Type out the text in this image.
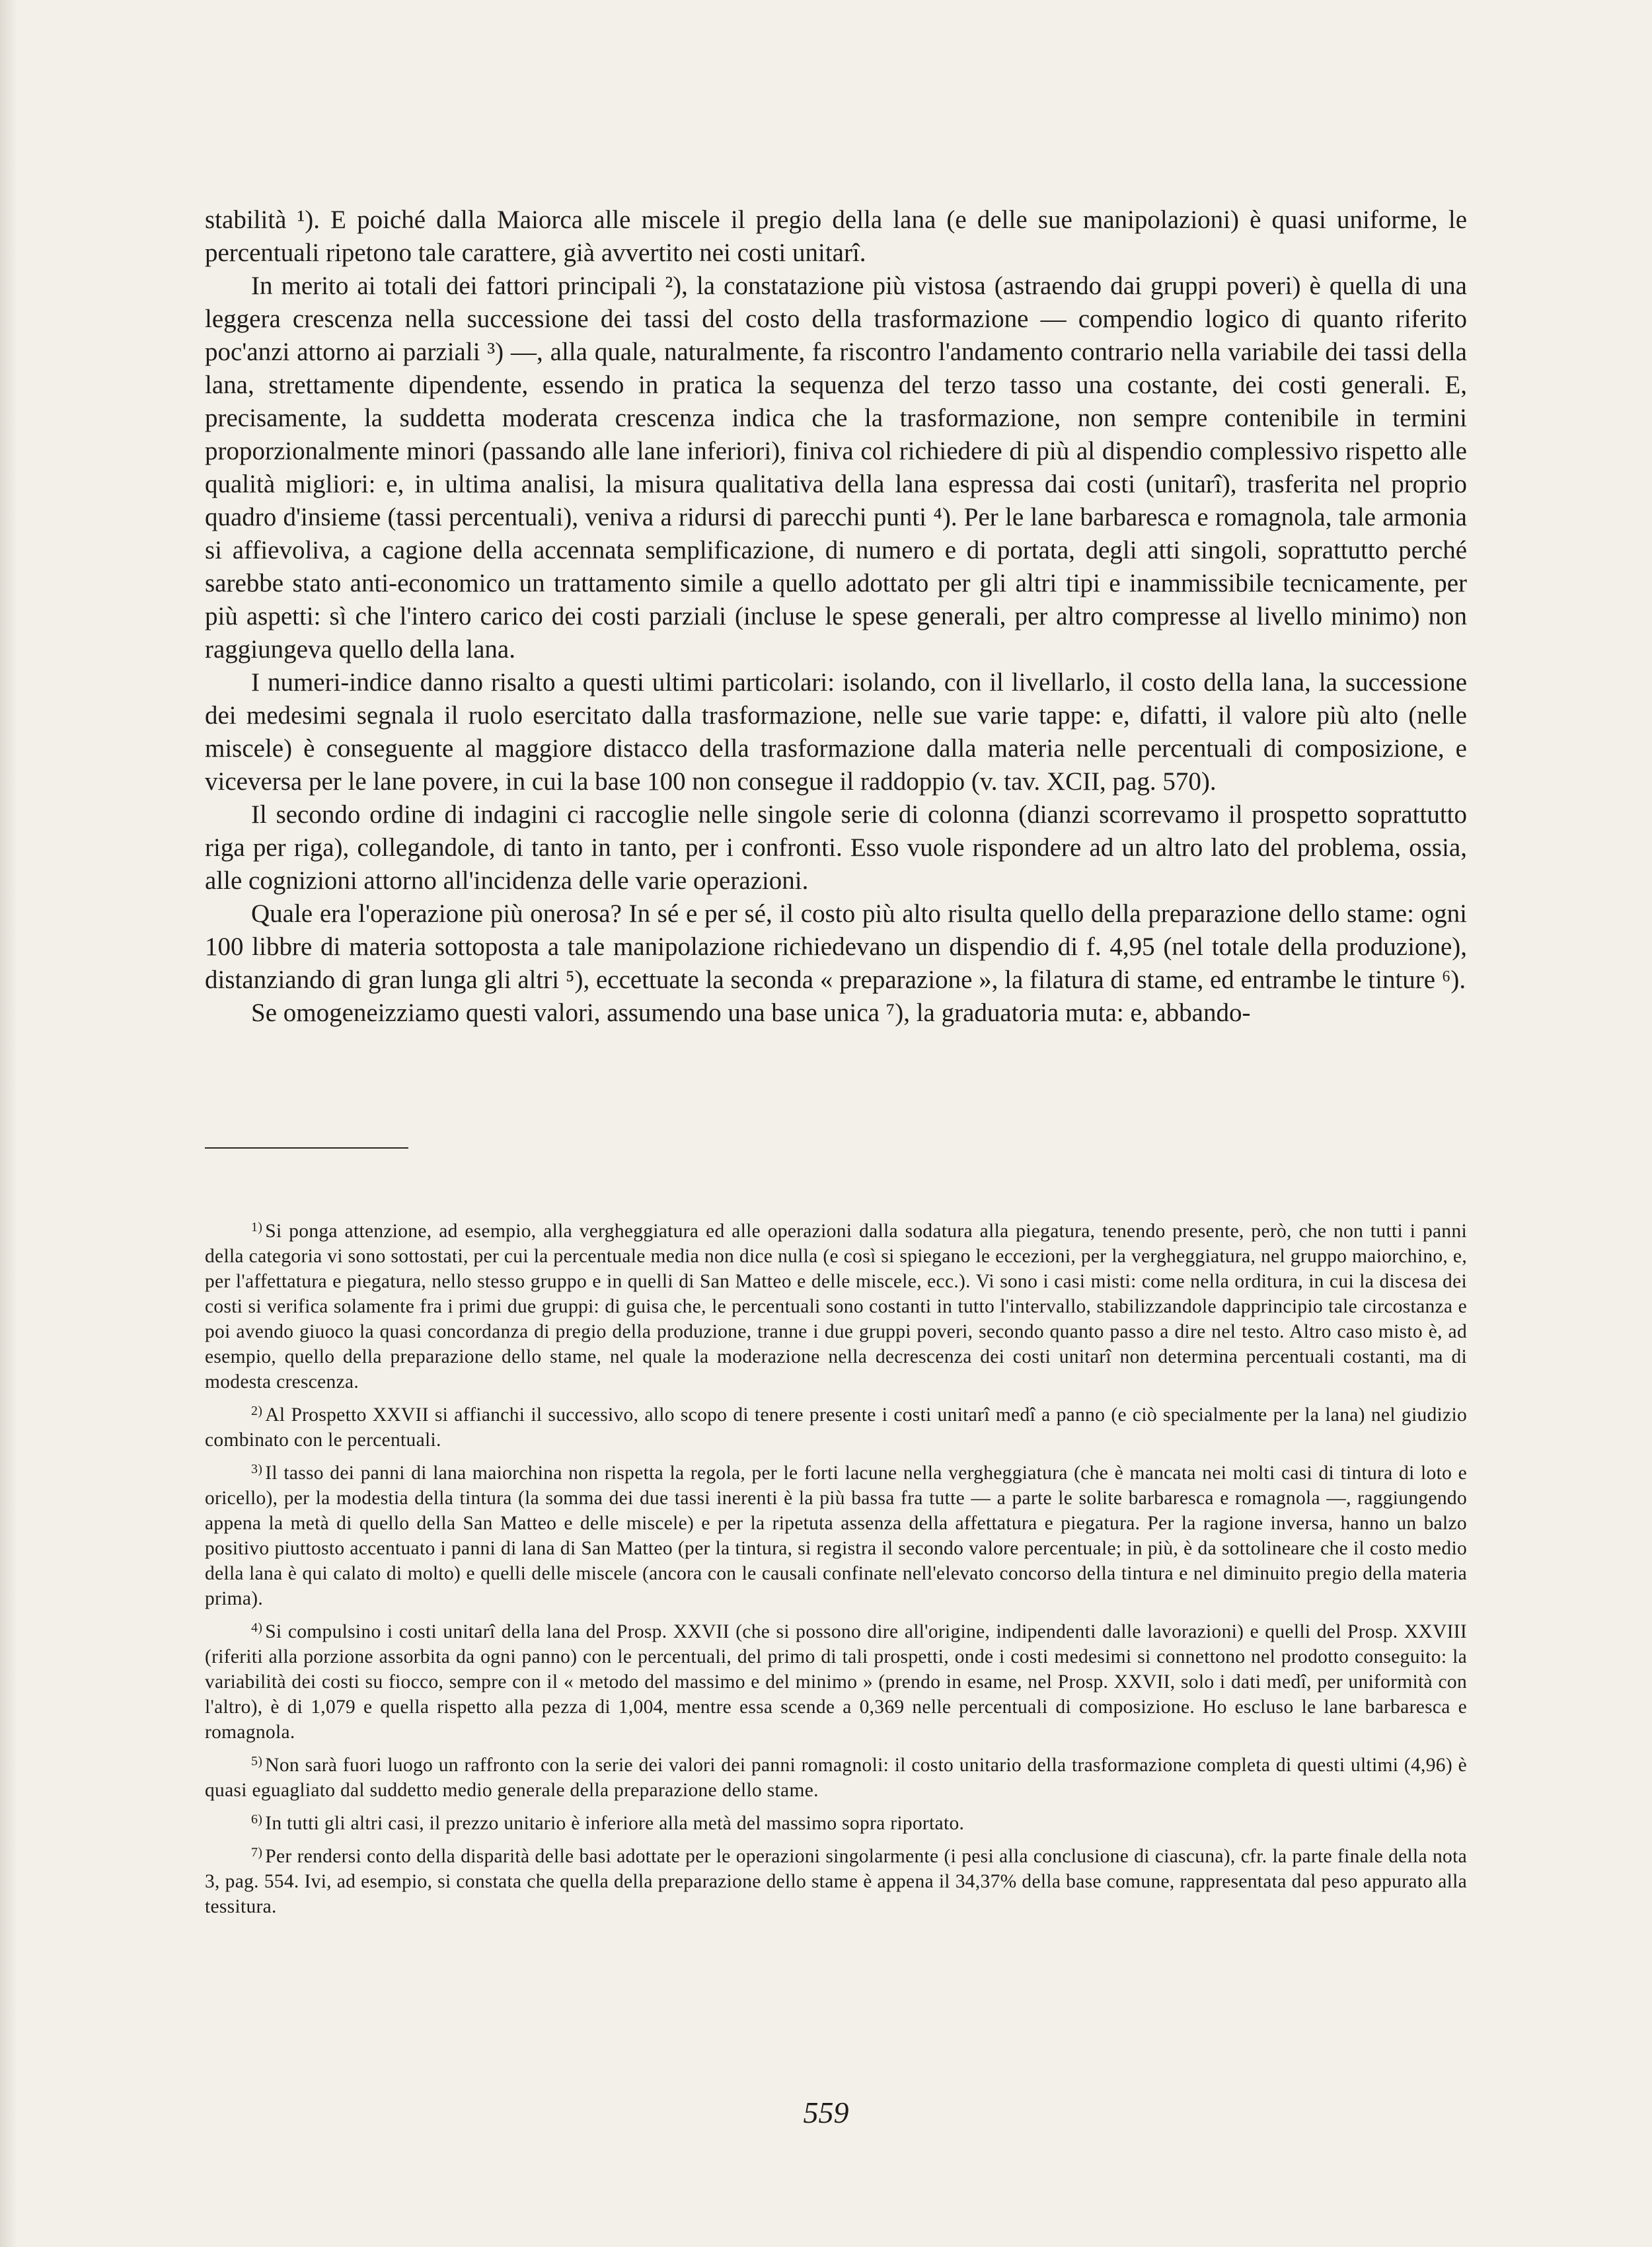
stabilità ¹). E poiché dalla Maiorca alle miscele il pregio della lana (e delle sue manipolazioni) è quasi uniforme, le percentuali ripetono tale carattere, già avvertito nei costi unitarî.

In merito ai totali dei fattori principali ²), la constatazione più vistosa (astraendo dai gruppi poveri) è quella di una leggera crescenza nella successione dei tassi del costo della trasformazione — compendio logico di quanto riferito poc'anzi attorno ai parziali ³) —, alla quale, naturalmente, fa riscontro l'andamento contrario nella variabile dei tassi della lana, strettamente dipendente, essendo in pratica la sequenza del terzo tasso una costante, dei costi generali. E, precisamente, la suddetta moderata crescenza indica che la trasformazione, non sempre contenibile in termini proporzionalmente minori (passando alle lane inferiori), finiva col richiedere di più al dispendio complessivo rispetto alle qualità migliori: e, in ultima analisi, la misura qualitativa della lana espressa dai costi (unitarî), trasferita nel proprio quadro d'insieme (tassi percentuali), veniva a ridursi di parecchi punti ⁴). Per le lane barbaresca e romagnola, tale armonia si affievoliva, a cagione della accennata semplificazione, di numero e di portata, degli atti singoli, soprattutto perché sarebbe stato anti-economico un trattamento simile a quello adottato per gli altri tipi e inammissibile tecnicamente, per più aspetti: sì che l'intero carico dei costi parziali (incluse le spese generali, per altro compresse al livello minimo) non raggiungeva quello della lana.

I numeri-indice danno risalto a questi ultimi particolari: isolando, con il livellarlo, il costo della lana, la successione dei medesimi segnala il ruolo esercitato dalla trasformazione, nelle sue varie tappe: e, difatti, il valore più alto (nelle miscele) è conseguente al maggiore distacco della trasformazione dalla materia nelle percentuali di composizione, e viceversa per le lane povere, in cui la base 100 non consegue il raddoppio (v. tav. XCII, pag. 570).

Il secondo ordine di indagini ci raccoglie nelle singole serie di colonna (dianzi scorrevamo il prospetto soprattutto riga per riga), collegandole, di tanto in tanto, per i confronti. Esso vuole rispondere ad un altro lato del problema, ossia, alle cognizioni attorno all'incidenza delle varie operazioni.

Quale era l'operazione più onerosa? In sé e per sé, il costo più alto risulta quello della preparazione dello stame: ogni 100 libbre di materia sottoposta a tale manipolazione richiedevano un dispendio di f. 4,95 (nel totale della produzione), distanziando di gran lunga gli altri ⁵), eccettuate la seconda « preparazione », la filatura di stame, ed entrambe le tinture ⁶).

Se omogeneizziamo questi valori, assumendo una base unica ⁷), la graduatoria muta: e, abbando-

$^{1)}$ Si ponga attenzione, ad esempio, alla vergheggiatura ed alle operazioni dalla sodatura alla piegatura, tenendo presente, però, che non tutti i panni della categoria vi sono sottostati, per cui la percentuale media non dice nulla (e così si spiegano le eccezioni, per la vergheggiatura, nel gruppo maiorchino, e, per l'affettatura e piegatura, nello stesso gruppo e in quelli di San Matteo e delle miscele, ecc.). Vi sono i casi misti: come nella orditura, in cui la discesa dei costi si verifica solamente fra i primi due gruppi: di guisa che, le percentuali sono costanti in tutto l'intervallo, stabilizzandole dapprincipio tale circostanza e poi avendo giuoco la quasi concordanza di pregio della produzione, tranne i due gruppi poveri, secondo quanto passo a dire nel testo. Altro caso misto è, ad esempio, quello della preparazione dello stame, nel quale la moderazione nella decrescenza dei costi unitarî non determina percentuali costanti, ma di modesta crescenza.

$^{2)}$ Al Prospetto XXVII si affianchi il successivo, allo scopo di tenere presente i costi unitarî medî a panno (e ciò specialmente per la lana) nel giudizio combinato con le percentuali.

$^{3)}$ Il tasso dei panni di lana maiorchina non rispetta la regola, per le forti lacune nella vergheggiatura (che è mancata nei molti casi di tintura di loto e oricello), per la modestia della tintura (la somma dei due tassi inerenti è la più bassa fra tutte — a parte le solite barbaresca e romagnola —, raggiungendo appena la metà di quello della San Matteo e delle miscele) e per la ripetuta assenza della affettatura e piegatura. Per la ragione inversa, hanno un balzo positivo piuttosto accentuato i panni di lana di San Matteo (per la tintura, si registra il secondo valore percentuale; in più, è da sottolineare che il costo medio della lana è qui calato di molto) e quelli delle miscele (ancora con le causali confinate nell'elevato concorso della tintura e nel diminuito pregio della materia prima).

$^{4)}$ Si compulsino i costi unitarî della lana del Prosp. XXVII (che si possono dire all'origine, indipendenti dalle lavorazioni) e quelli del Prosp. XXVIII (riferiti alla porzione assorbita da ogni panno) con le percentuali, del primo di tali prospetti, onde i costi medesimi si connettono nel prodotto conseguito: la variabilità dei costi su fiocco, sempre con il « metodo del massimo e del minimo » (prendo in esame, nel Prosp. XXVII, solo i dati medî, per uniformità con l'altro), è di 1,079 e quella rispetto alla pezza di 1,004, mentre essa scende a 0,369 nelle percentuali di composizione. Ho escluso le lane barbaresca e romagnola.

$^{5)}$ Non sarà fuori luogo un raffronto con la serie dei valori dei panni romagnoli: il costo unitario della trasformazione completa di questi ultimi (4,96) è quasi eguagliato dal suddetto medio generale della preparazione dello stame.

$^{6)}$ In tutti gli altri casi, il prezzo unitario è inferiore alla metà del massimo sopra riportato.

$^{7)}$ Per rendersi conto della disparità delle basi adottate per le operazioni singolarmente (i pesi alla conclusione di ciascuna), cfr. la parte finale della nota 3, pag. 554. Ivi, ad esempio, si constata che quella della preparazione dello stame è appena il 34,37% della base comune, rappresentata dal peso appurato alla tessitura.

559
